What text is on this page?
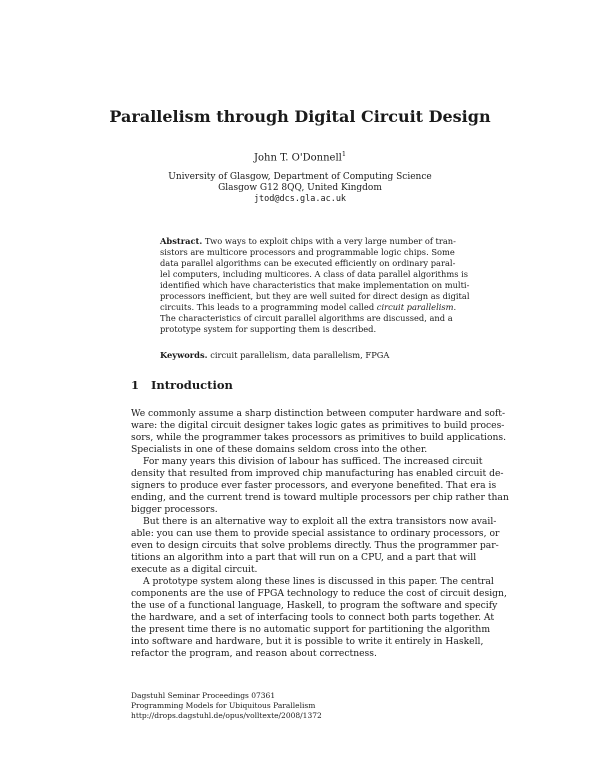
Parallelism through Digital Circuit Design
John T. O'Donnell$^1$
University of Glasgow, Department of Computing Science
Glasgow G12 8QQ, United Kingdom
jtod@dcs.gla.ac.uk
Abstract. Two ways to exploit chips with a very large number of tran-
sistors are multicore processors and programmable logic chips. Some
data parallel algorithms can be executed efficiently on ordinary paral-
lel computers, including multicores. A class of data parallel algorithms is
identified which have characteristics that make implementation on multi-
processors inefficient, but they are well suited for direct design as digital
circuits. This leads to a programming model called circuit parallelism.
The characteristics of circuit parallel algorithms are discussed, and a
prototype system for supporting them is described.
Keywords. circuit parallelism, data parallelism, FPGA
1 Introduction
We commonly assume a sharp distinction between computer hardware and soft-
ware: the digital circuit designer takes logic gates as primitives to build proces-
sors, while the programmer takes processors as primitives to build applications.
Specialists in one of these domains seldom cross into the other.
For many years this division of labour has sufficed. The increased circuit
density that resulted from improved chip manufacturing has enabled circuit de-
signers to produce ever faster processors, and everyone benefited. That era is
ending, and the current trend is toward multiple processors per chip rather than
bigger processors.
But there is an alternative way to exploit all the extra transistors now avail-
able: you can use them to provide special assistance to ordinary processors, or
even to design circuits that solve problems directly. Thus the programmer par-
titions an algorithm into a part that will run on a CPU, and a part that will
execute as a digital circuit.
A prototype system along these lines is discussed in this paper. The central
components are the use of FPGA technology to reduce the cost of circuit design,
the use of a functional language, Haskell, to program the software and specify
the hardware, and a set of interfacing tools to connect both parts together. At
the present time there is no automatic support for partitioning the algorithm
into software and hardware, but it is possible to write it entirely in Haskell,
refactor the program, and reason about correctness.
Dagstuhl Seminar Proceedings 07361
Programming Models for Ubiquitous Parallelism
http://drops.dagstuhl.de/opus/volltexte/2008/1372
